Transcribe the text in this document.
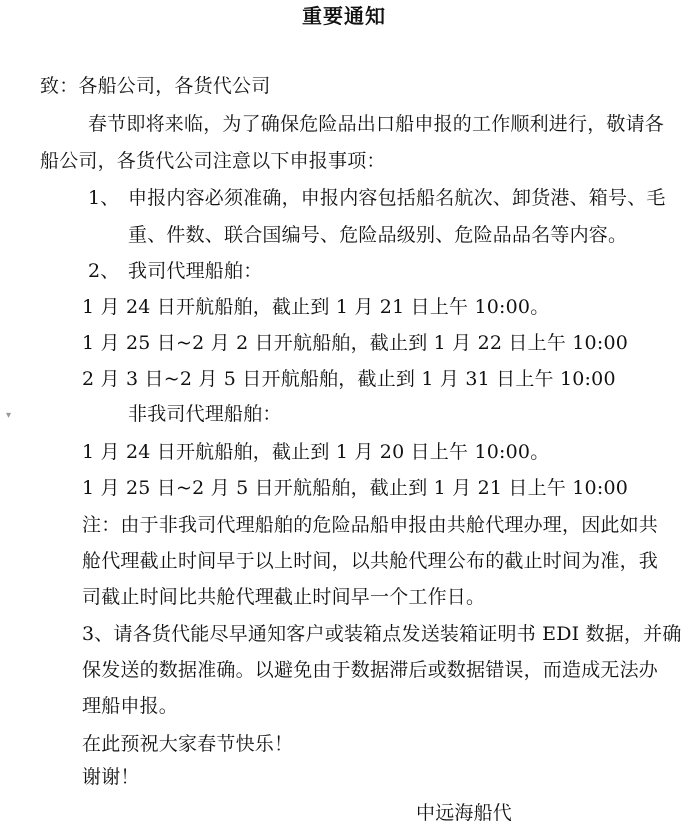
重要通知
致：各船公司，各货代公司
春节即将来临，为了确保危险品出口船申报的工作顺利进行，敬请各
船公司，各货代公司注意以下申报事项：
1、 申报内容必须准确，申报内容包括船名航次、卸货港、箱号、毛
重、件数、联合国编号、危险品级别、危险品品名等内容。
2、 我司代理船舶：
1 月 24 日开航船舶，截止到 1 月 21 日上午 10:00。
1 月 25 日~2 月 2 日开航船舶，截止到 1 月 22 日上午 10:00
2 月 3 日~2 月 5 日开航船舶，截止到 1 月 31 日上午 10:00
▾	非我司代理船舶：
1 月 24 日开航船舶，截止到 1 月 20 日上午 10:00。
1 月 25 日~2 月 5 日开航船舶，截止到 1 月 21 日上午 10:00
注：由于非我司代理船舶的危险品船申报由共舱代理办理，因此如共
舱代理截止时间早于以上时间，以共舱代理公布的截止时间为准，我
司截止时间比共舱代理截止时间早一个工作日。
3、请各货代能尽早通知客户或装箱点发送装箱证明书 EDI 数据，并确
保发送的数据准确。以避免由于数据滞后或数据错误，而造成无法办
理船申报。
在此预祝大家春节快乐！
谢谢！
中远海船代
